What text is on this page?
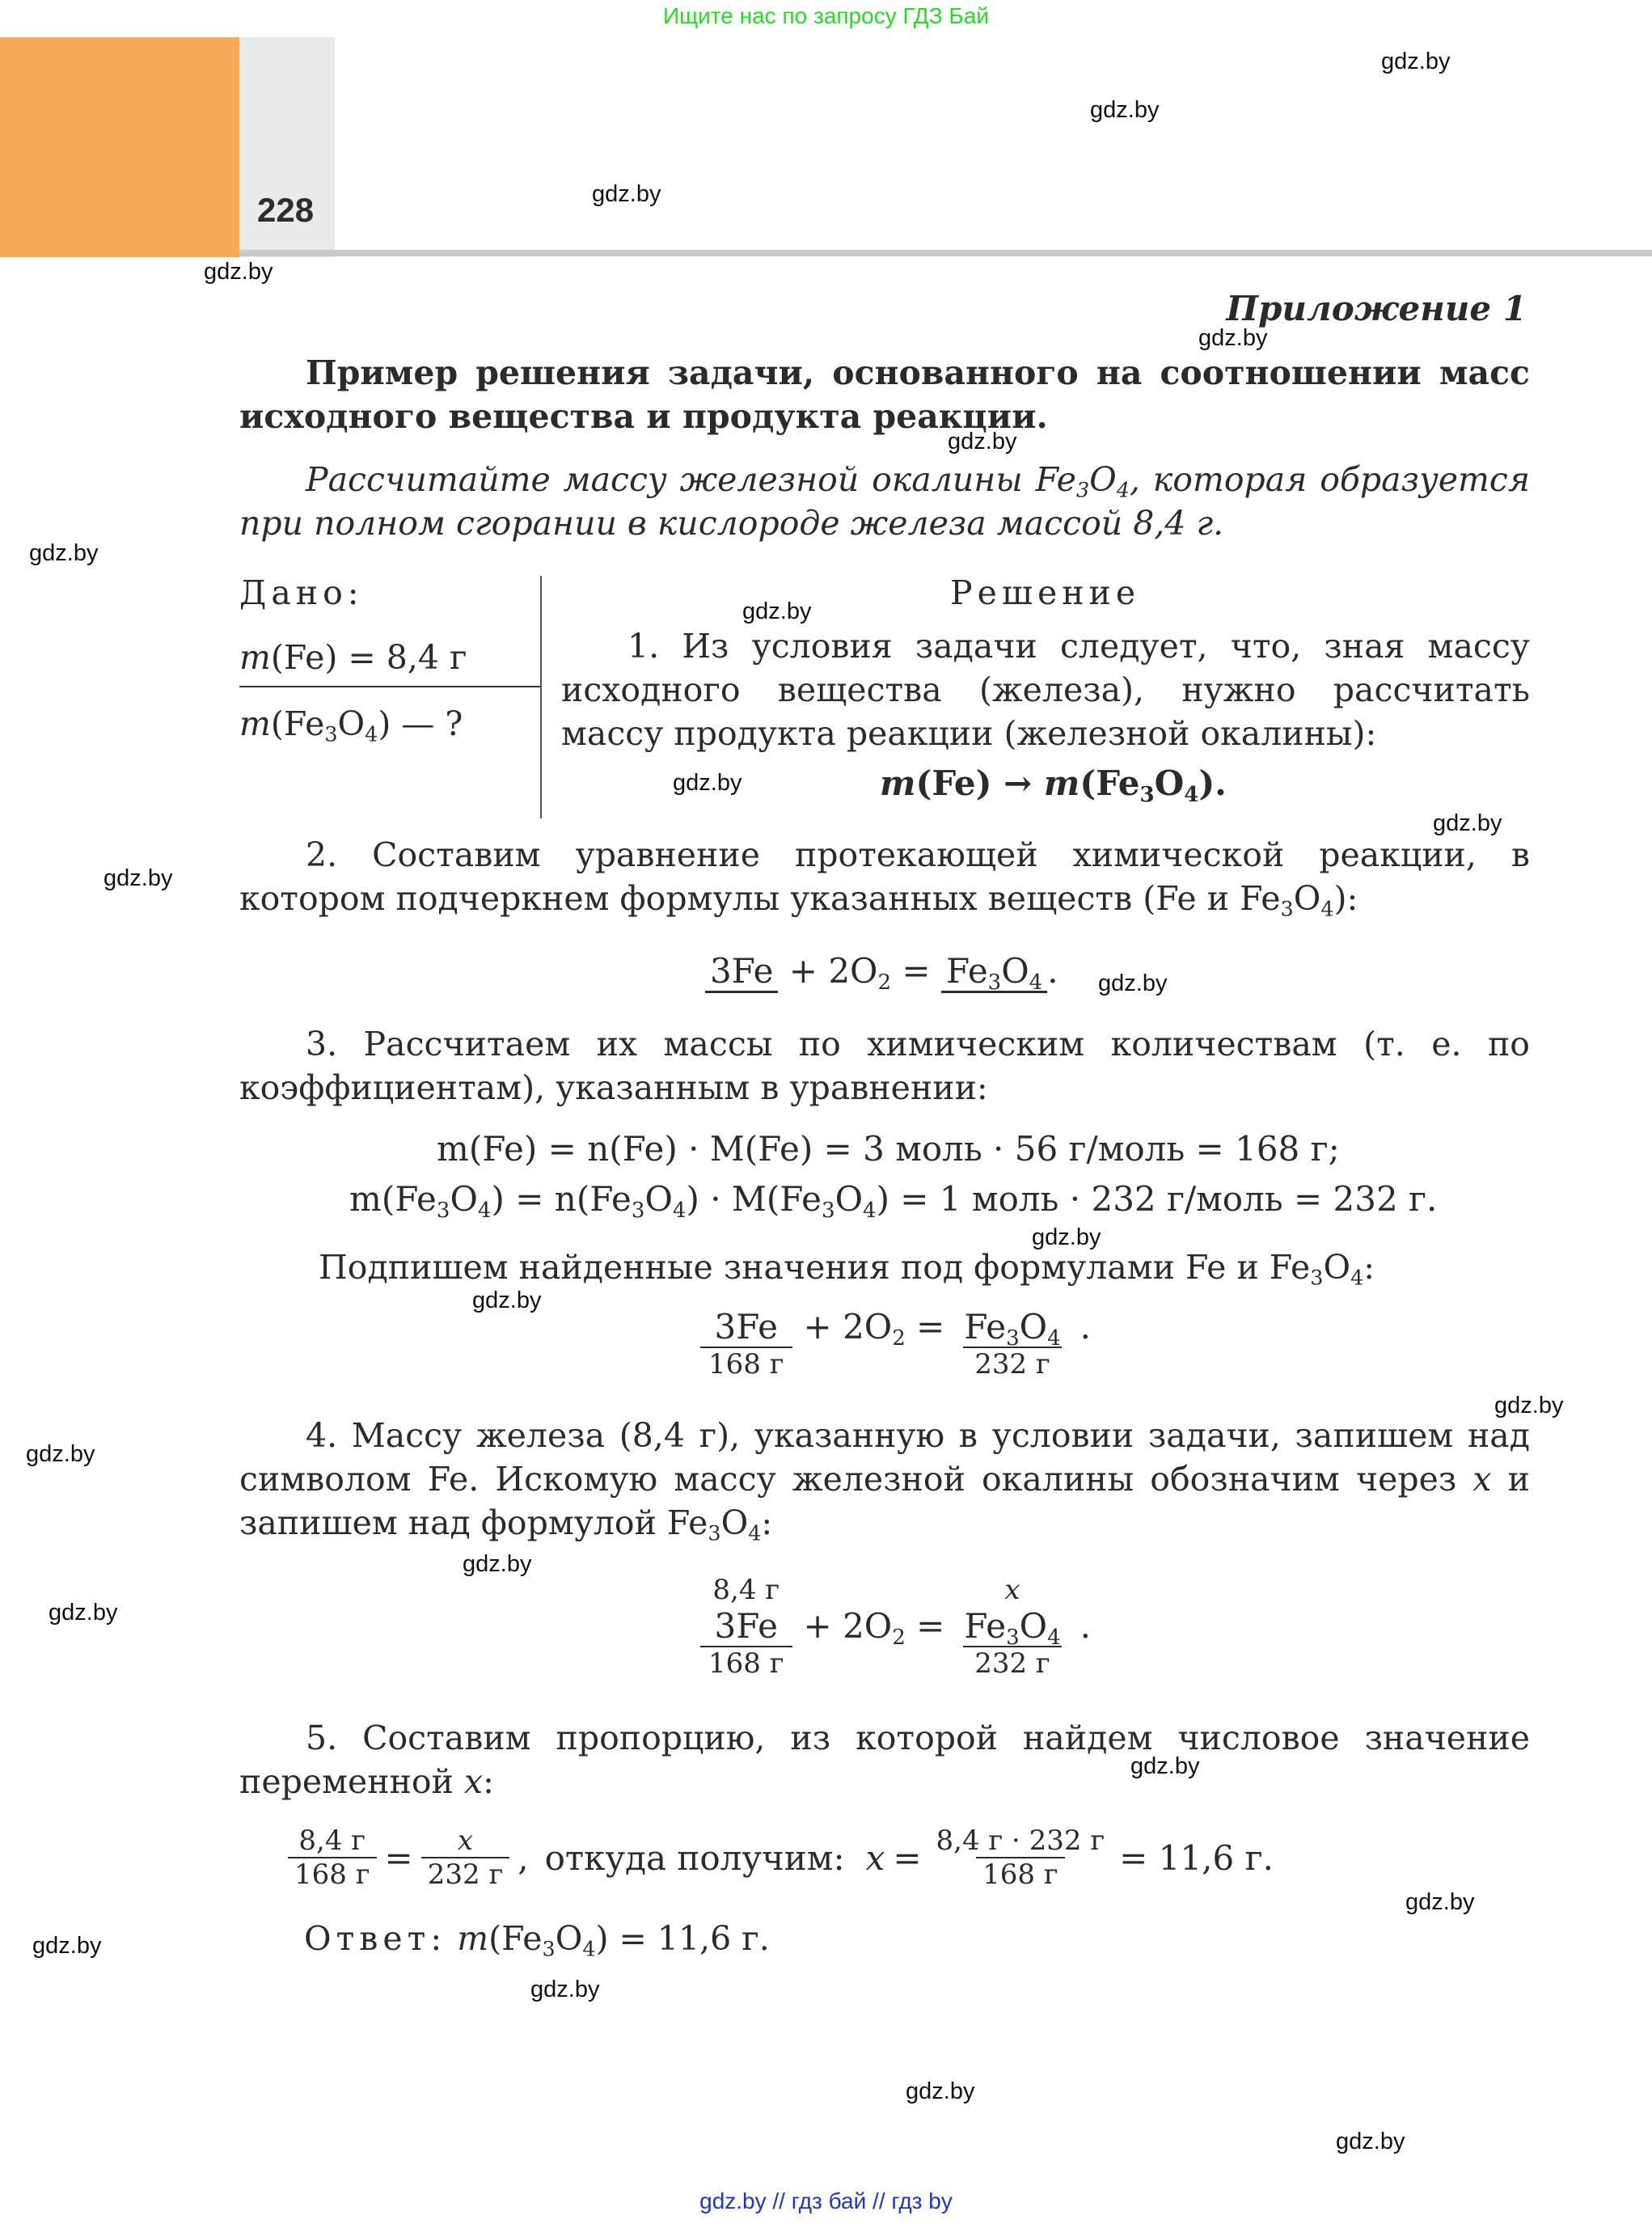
Ищите нас по запросу ГДЗ Бай
228
Приложение 1
Пример решения задачи, основанного на соотношении масс исходного вещества и продукта реакции.
Рассчитайте массу железной окалины $Fe_3O_4$, которая образуется при полном сгорании в кислороде железа массой 8,4 г.
Дано:
m(Fe) = 8,4 г
$m(Fe_3O_4)$ — ?
Решение
1. Из условия задачи следует, что, зная массу исходного вещества (железа), нужно рассчитать массу продукта реакции (железной окалины):
$m(Fe) \to m(Fe_3O_4)$.
2. Составим уравнение протекающей химической реакции, в котором подчеркнем формулы указанных веществ (Fe и $Fe_3O_4$):
$3Fe + 2O_2 = Fe_3O_4$ .
3. Рассчитаем их массы по химическим количествам (т. е. по коэффициентам), указанным в уравнении:
m(Fe) = n(Fe) · M(Fe) = 3 моль · 56 г/моль = 168 г;
$m(Fe_3O_4) = n(Fe_3O_4) \cdot M(Fe_3O_4) = 1$ моль · 232 г/моль = 232 г.
Подпишем найденные значения под формулами Fe и $Fe_3O_4$:
3Fe
168 г
+ $2O_2 = Fe_3O_4$
232 г
.
4. Массу железа (8,4 г), указанную в условии задачи, запишем над символом Fe. Искомую массу железной окалины обозначим через x и запишем над формулой $Fe_3O_4$:
8,4 г
3Fe
168 г
+ $2O_2$ =
x
$Fe_3O_4$
232 г
.
5. Составим пропорцию, из которой найдем числовое значение переменной x:
$\frac{8,4 г}{168 г} = \frac{x}{232 г}$ , откуда получим: $x = \frac{8,4 г \cdot 232 г}{168 г} = 11,6$ г.
Ответ: $m(Fe_3O_4) = 11,6$ г.
gdz.by
gdz.by
gdz.by
gdz.by
gdz.by
gdz.by
gdz.by
gdz.by
gdz.by
gdz.by
gdz.by
gdz.by
gdz.by
gdz.by
gdz.by
gdz.by
gdz.by
gdz.by
gdz.by
gdz.by
gdz.by
gdz.by
gdz.by
gdz.by
gdz.by // гдз бай // гдз by
